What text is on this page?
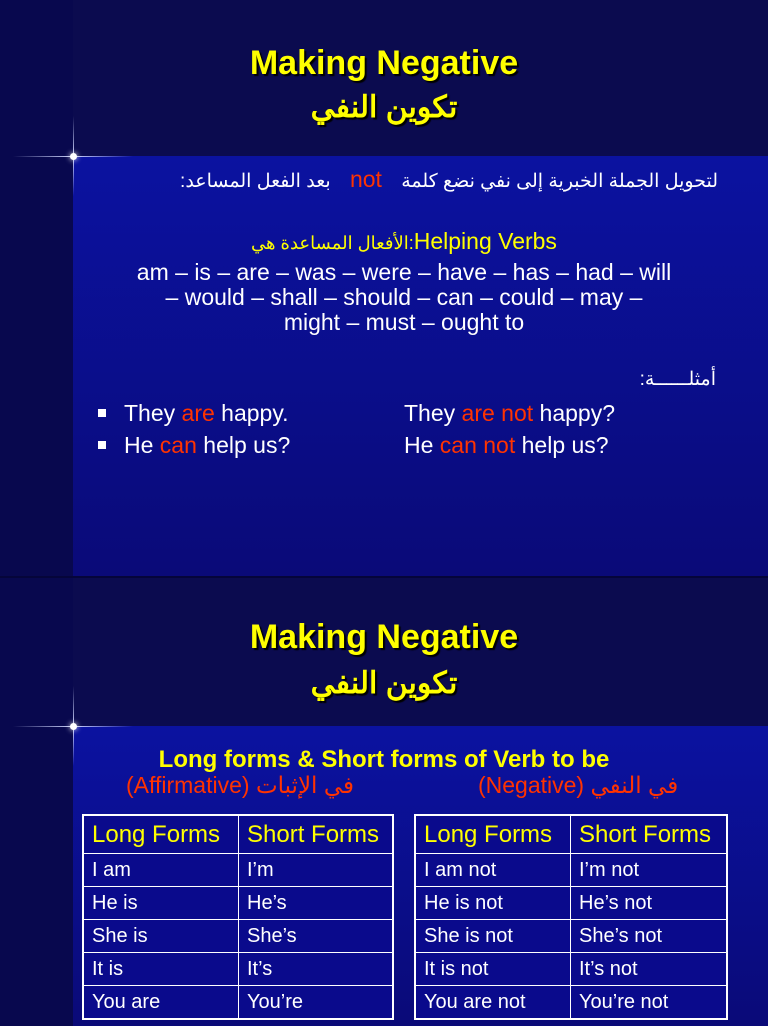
Making Negative
تكوين النفي
لتحويل الجملة الخبرية إلى نفي نضع كلمة not بعد الفعل المساعد:
الأفعال المساعدة هي:Helping Verbs
am – is – are – was – were – have – has – had – will
– would – shall – should – can – could – may –
might – must – ought to
أمثلــــــة:
They are happy.	They are not happy?
He can help us?	He can not help us?
Making Negative
تكوين النفي
Long forms & Short forms of Verb to be
(Affirmative) في الإثبات	(Negative) في النفي
Long Forms	Short Forms
I am	I’m
He is	He’s
She is	She’s
It is	It’s
You are	You’re
Long Forms	Short Forms
I am not	I’m not
He is not	He’s not
She is not	She’s not
It is not	It’s not
You are not	You’re not
